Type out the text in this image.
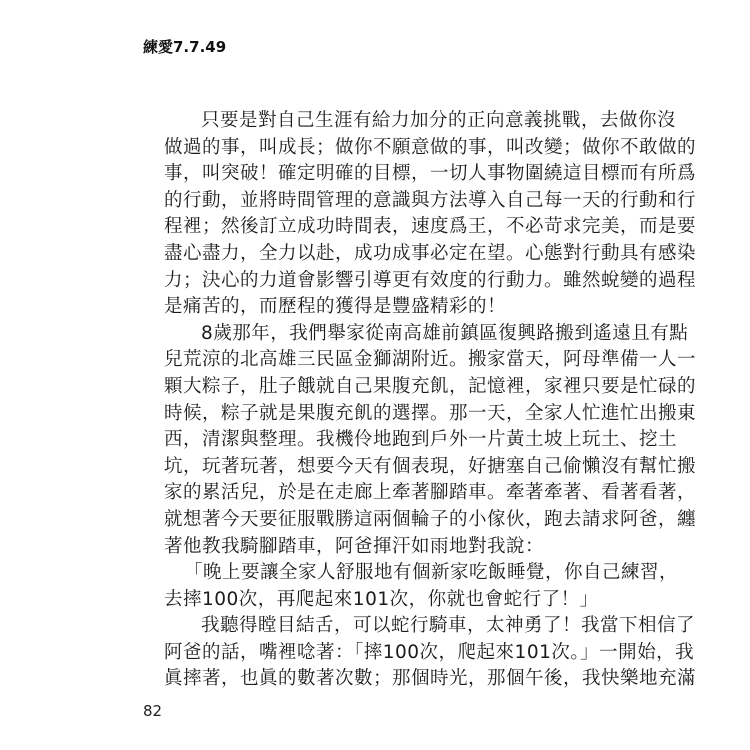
練愛7.7.49
只要是對自己生涯有給力加分的正向意義挑戰，去做你沒
做過的事，叫成長；做你不願意做的事，叫改變；做你不敢做的
事，叫突破！確定明確的目標，一切人事物圍繞這目標而有所爲
的行動，並將時間管理的意識與方法導入自己每一天的行動和行
程裡；然後訂立成功時間表，速度爲王，不必苛求完美，而是要
盡心盡力，全力以赴，成功成事必定在望。心態對行動具有感染
力；決心的力道會影響引導更有效度的行動力。雖然蛻變的過程
是痛苦的，而歷程的獲得是豐盛精彩的！
8歲那年，我們舉家從南高雄前鎮區復興路搬到遙遠且有點
兒荒涼的北高雄三民區金獅湖附近。搬家當天，阿母準備一人一
顆大粽子，肚子餓就自己果腹充飢，記憶裡，家裡只要是忙碌的
時候，粽子就是果腹充飢的選擇。那一天，全家人忙進忙出搬東
西，清潔與整理。我機伶地跑到戶外一片黃土坡上玩土、挖土
坑，玩著玩著，想要今天有個表現，好搪塞自己偷懶沒有幫忙搬
家的累活兒，於是在走廊上牽著腳踏車。牽著牽著、看著看著，
就想著今天要征服戰勝這兩個輪子的小傢伙，跑去請求阿爸，纏
著他教我騎腳踏車，阿爸揮汗如雨地對我說：
「晚上要讓全家人舒服地有個新家吃飯睡覺，你自己練習，
去摔100次，再爬起來101次，你就也會蛇行了！」
我聽得瞠目結舌，可以蛇行騎車，太神勇了！我當下相信了
阿爸的話，嘴裡唸著：「摔100次，爬起來101次。」一開始，我
眞摔著，也眞的數著次數；那個時光，那個午後，我快樂地充滿
82
